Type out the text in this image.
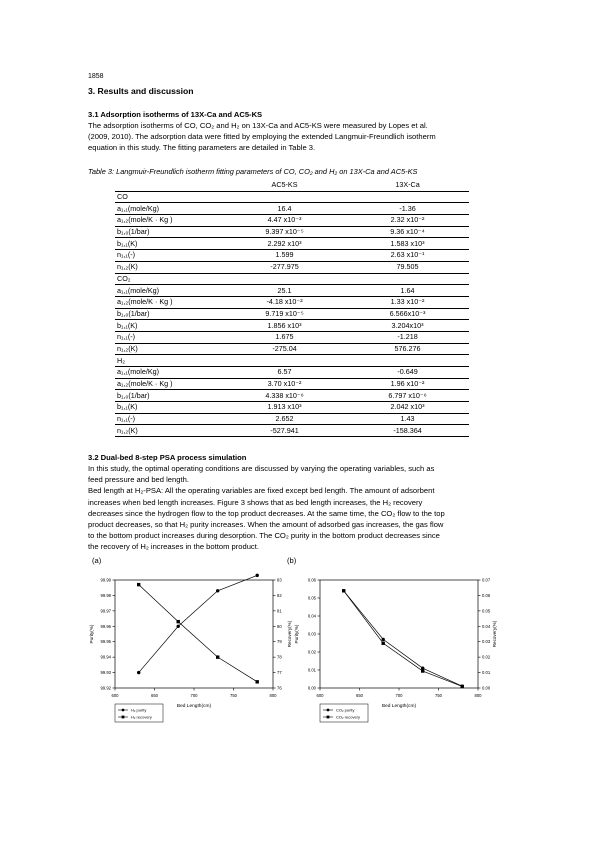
1858
3. Results and discussion
3.1 Adsorption isotherms of 13X-Ca and AC5-KS
The adsorption isotherms of CO, CO₂ and H₂ on 13X-Ca and AC5-KS were measured by Lopes et al.
(2009, 2010). The adsorption data were fitted by employing the extended Langmuir-Freundlich isotherm
equation in this study. The fitting parameters are detailed in Table 3.
Table 3: Langmuir-Freundlich isotherm fitting parameters of CO, CO₂ and H₂ on 13X-Ca and AC5-KS
	AC5-KS	13X-Ca
CO		
a₁,₁(mole/Kg)	16.4	-1.36
a₁,₂(mole/K · Kg )	4.47 x10⁻³	2.32 x10⁻²
b₁,₀(1/bar)	9.397 x10⁻⁵	9.36 x10⁻⁴
b₁,₁(K)	2.292 x10³	1.583 x10³
n₁,₁(-)	1.599	2.63 x10⁻¹
n₁,₂(K)	-277.975	79.505
CO₂		
a₁,₁(mole/Kg)	25.1	1.64
a₁,₂(mole/K · Kg )	-4.18 x10⁻²	1.33 x10⁻²
b₁,₀(1/bar)	9.719 x10⁻⁵	6.566x10⁻³
b₁,₁(K)	1.856 x10³	3.204x10³
n₁,₁(-)	1.675	-1.218
n₁,₂(K)	-275.04	576.276
H₂		
a₁,₁(mole/Kg)	6.57	-0.649
a₁,₂(mole/K · Kg )	3.70 x10⁻²	1.96 x10⁻²
b₁,₀(1/bar)	4.338 x10⁻⁶	6.797 x10⁻⁶
b₁,₁(K)	1.913 x10³	2.042 x10³
n₁,₁(-)	2.652	1.43
n₁,₂(K)	-527.941	-158.364
3.2 Dual-bed 8-step PSA process simulation
In this study, the optimal operating conditions are discussed by varying the operating variables, such as
feed pressure and bed length.
Bed length at H₂-PSA: All the operating variables are fixed except bed length. The amount of adsorbent
increases when bed length increases. Figure 3 shows that as bed length increases, the H₂ recovery
decreases since the hydrogen flow to the top product decreases. At the same time, the CO₂ flow to the top
product decreases, so that H₂ purity increases. When the amount of adsorbed gas increases, the gas flow
to the bottom product increases during desorption. The CO₂ purity in the bottom product decreases since
the recovery of H₂ increases in the bottom product.
(a)	(b)
600	650	700	750	800
99.92
99.93
99.94
99.95
99.96
99.97
99.98
99.99
76
77
78
79
80
81
82
83
Bed Length(cm)
Purity(%)	Recovery(%)
H₂ purity
H₂ recovery
600	650	700	750	800
0.00
0.01
0.02
0.03
0.04
0.05
0.06
0.00
0.01
0.02
0.03
0.04
0.05
0.06
0.07
Bed Length(cm)
Purity(%)	Recovery(%)
CO₂ purity
CO₂ recovery
